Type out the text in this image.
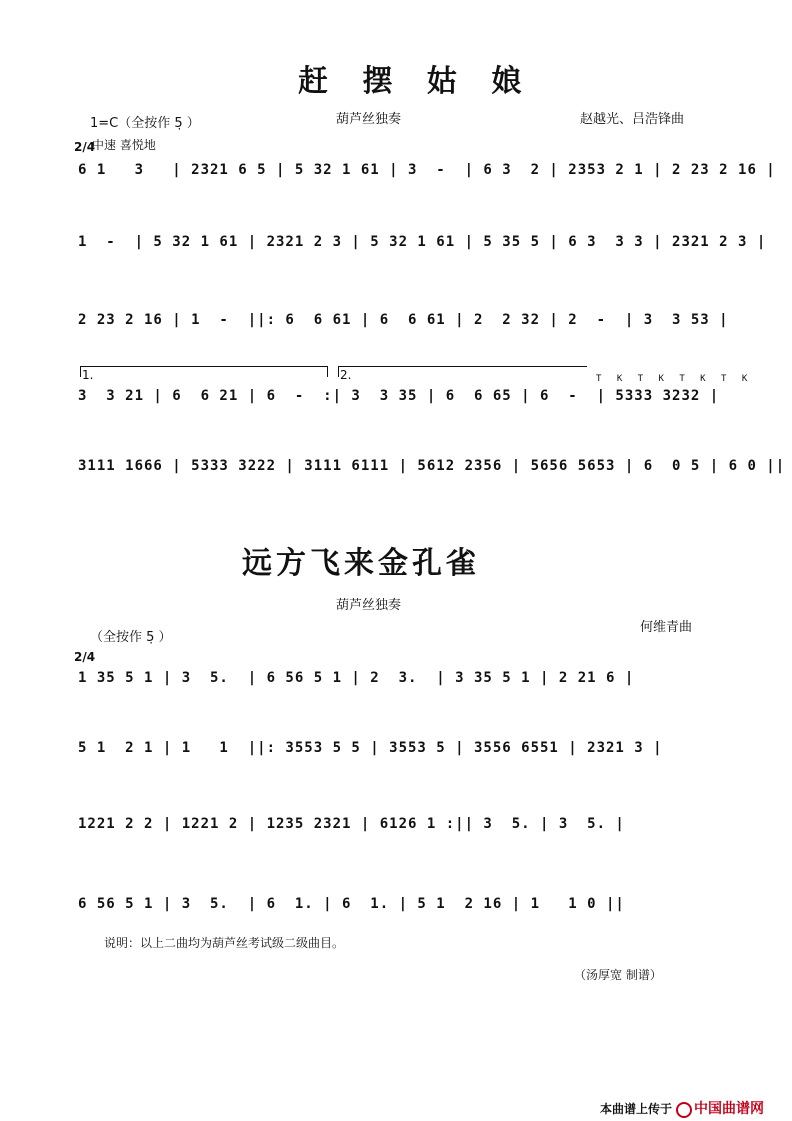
赶 摆 姑 娘
1=C（全按作 5̣ ）	葫芦丝独奏	赵越光、吕浩锋曲
中速 喜悦地
6 1   3   | 2321 6 5 | 5 32 1 61 | 3  -  | 6 3  2 | 2353 2 1 | 2 23 2 16 |
2/4
1  -  | 5 32 1 61 | 2321 2 3 | 5 32 1 61 | 5 35 5 | 6 3  3 3 | 2321 2 3 |
2 23 2 16 | 1  -  ||: 6  6 61 | 6  6 61 | 2  2 32 | 2  -  | 3  3 53 |
1.	2.	T K T K T K T K
3  3 21 | 6  6 21 | 6  -  :| 3  3 35 | 6  6 65 | 6  -  | 5333 3232 |
3111 1666 | 5333 3222 | 3111 6111 | 5612 2356 | 5656 5653 | 6  0 5 | 6 0 ||
远方飞来金孔雀
葫芦丝独奏
何维青曲
（全按作 5̣ ）
2/4
1 35 5 1 | 3  5.  | 6 56 5 1 | 2  3.  | 3 35 5 1 | 2 21 6 |
5 1  2 1 | 1   1  ||: 3553 5 5 | 3553 5 | 3556 6551 | 2321 3 |
1221 2 2 | 1221 2 | 1235 2321 | 6126 1 :|| 3  5. | 3  5. |
6 56 5 1 | 3  5.  | 6  1. | 6  1. | 5 1  2 16 | 1   1 0 ||
说明：以上二曲均为葫芦丝考试级二级曲目。
（汤厚宽 制谱）
本曲谱上传于 中国曲谱网
